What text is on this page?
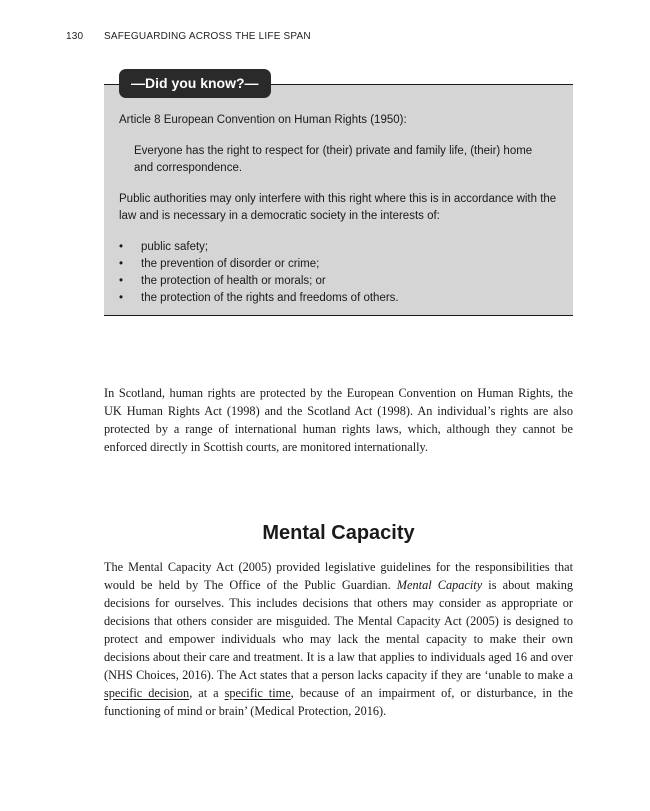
130 SAFEGUARDING ACROSS THE LIFE SPAN
—Did you know?—
Article 8 European Convention on Human Rights (1950):
Everyone has the right to respect for (their) private and family life, (their) home and correspondence.
Public authorities may only interfere with this right where this is in accordance with the law and is necessary in a democratic society in the interests of:
• public safety;
• the prevention of disorder or crime;
• the protection of health or morals; or
• the protection of the rights and freedoms of others.

In Scotland, human rights are protected by the European Convention on Human Rights, the UK Human Rights Act (1998) and the Scotland Act (1998). An individual’s rights are also protected by a range of international human rights laws, which, although they cannot be enforced directly in Scottish courts, are monitored internationally.

Mental Capacity

The Mental Capacity Act (2005) provided legislative guidelines for the responsibilities that would be held by The Office of the Public Guardian. Mental Capacity is about making decisions for ourselves. This includes decisions that others may consider as appropriate or decisions that others consider are misguided. The Mental Capacity Act (2005) is designed to protect and empower individuals who may lack the mental capacity to make their own decisions about their care and treatment. It is a law that applies to individuals aged 16 and over (NHS Choices, 2016). The Act states that a person lacks capacity if they are ‘unable to make a specific decision, at a specific time, because of an impairment of, or disturbance, in the functioning of mind or brain’ (Medical Protection, 2016).
